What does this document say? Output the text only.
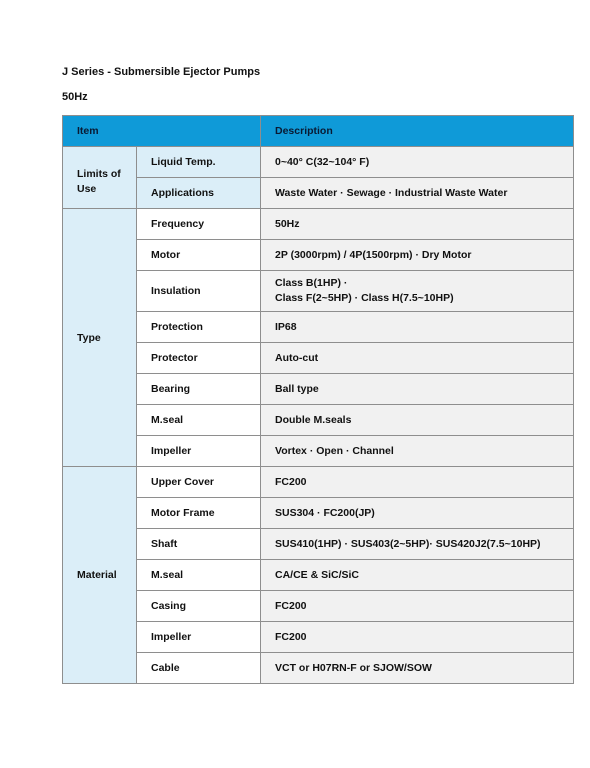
J Series - Submersible Ejector Pumps
50Hz
Item		Description
Limits of Use	Liquid Temp.	0~40° C(32~104° F)
	Applications	Waste Water · Sewage · Industrial Waste Water
Type	Frequency	50Hz
	Motor	2P (3000rpm) / 4P(1500rpm) · Dry Motor
	Insulation	Class B(1HP) ·
Class F(2~5HP) · Class H(7.5~10HP)

	Protection	IP68
	Protector	Auto-cut
	Bearing	Ball type
	M.seal	Double M.seals
	Impeller	Vortex · Open · Channel
Material	Upper Cover	FC200
	Motor Frame	SUS304 · FC200(JP)
	Shaft	SUS410(1HP) · SUS403(2~5HP)· SUS420J2(7.5~10HP)
	M.seal	CA/CE & SiC/SiC
	Casing	FC200
	Impeller	FC200
	Cable	VCT or H07RN-F or SJOW/SOW
